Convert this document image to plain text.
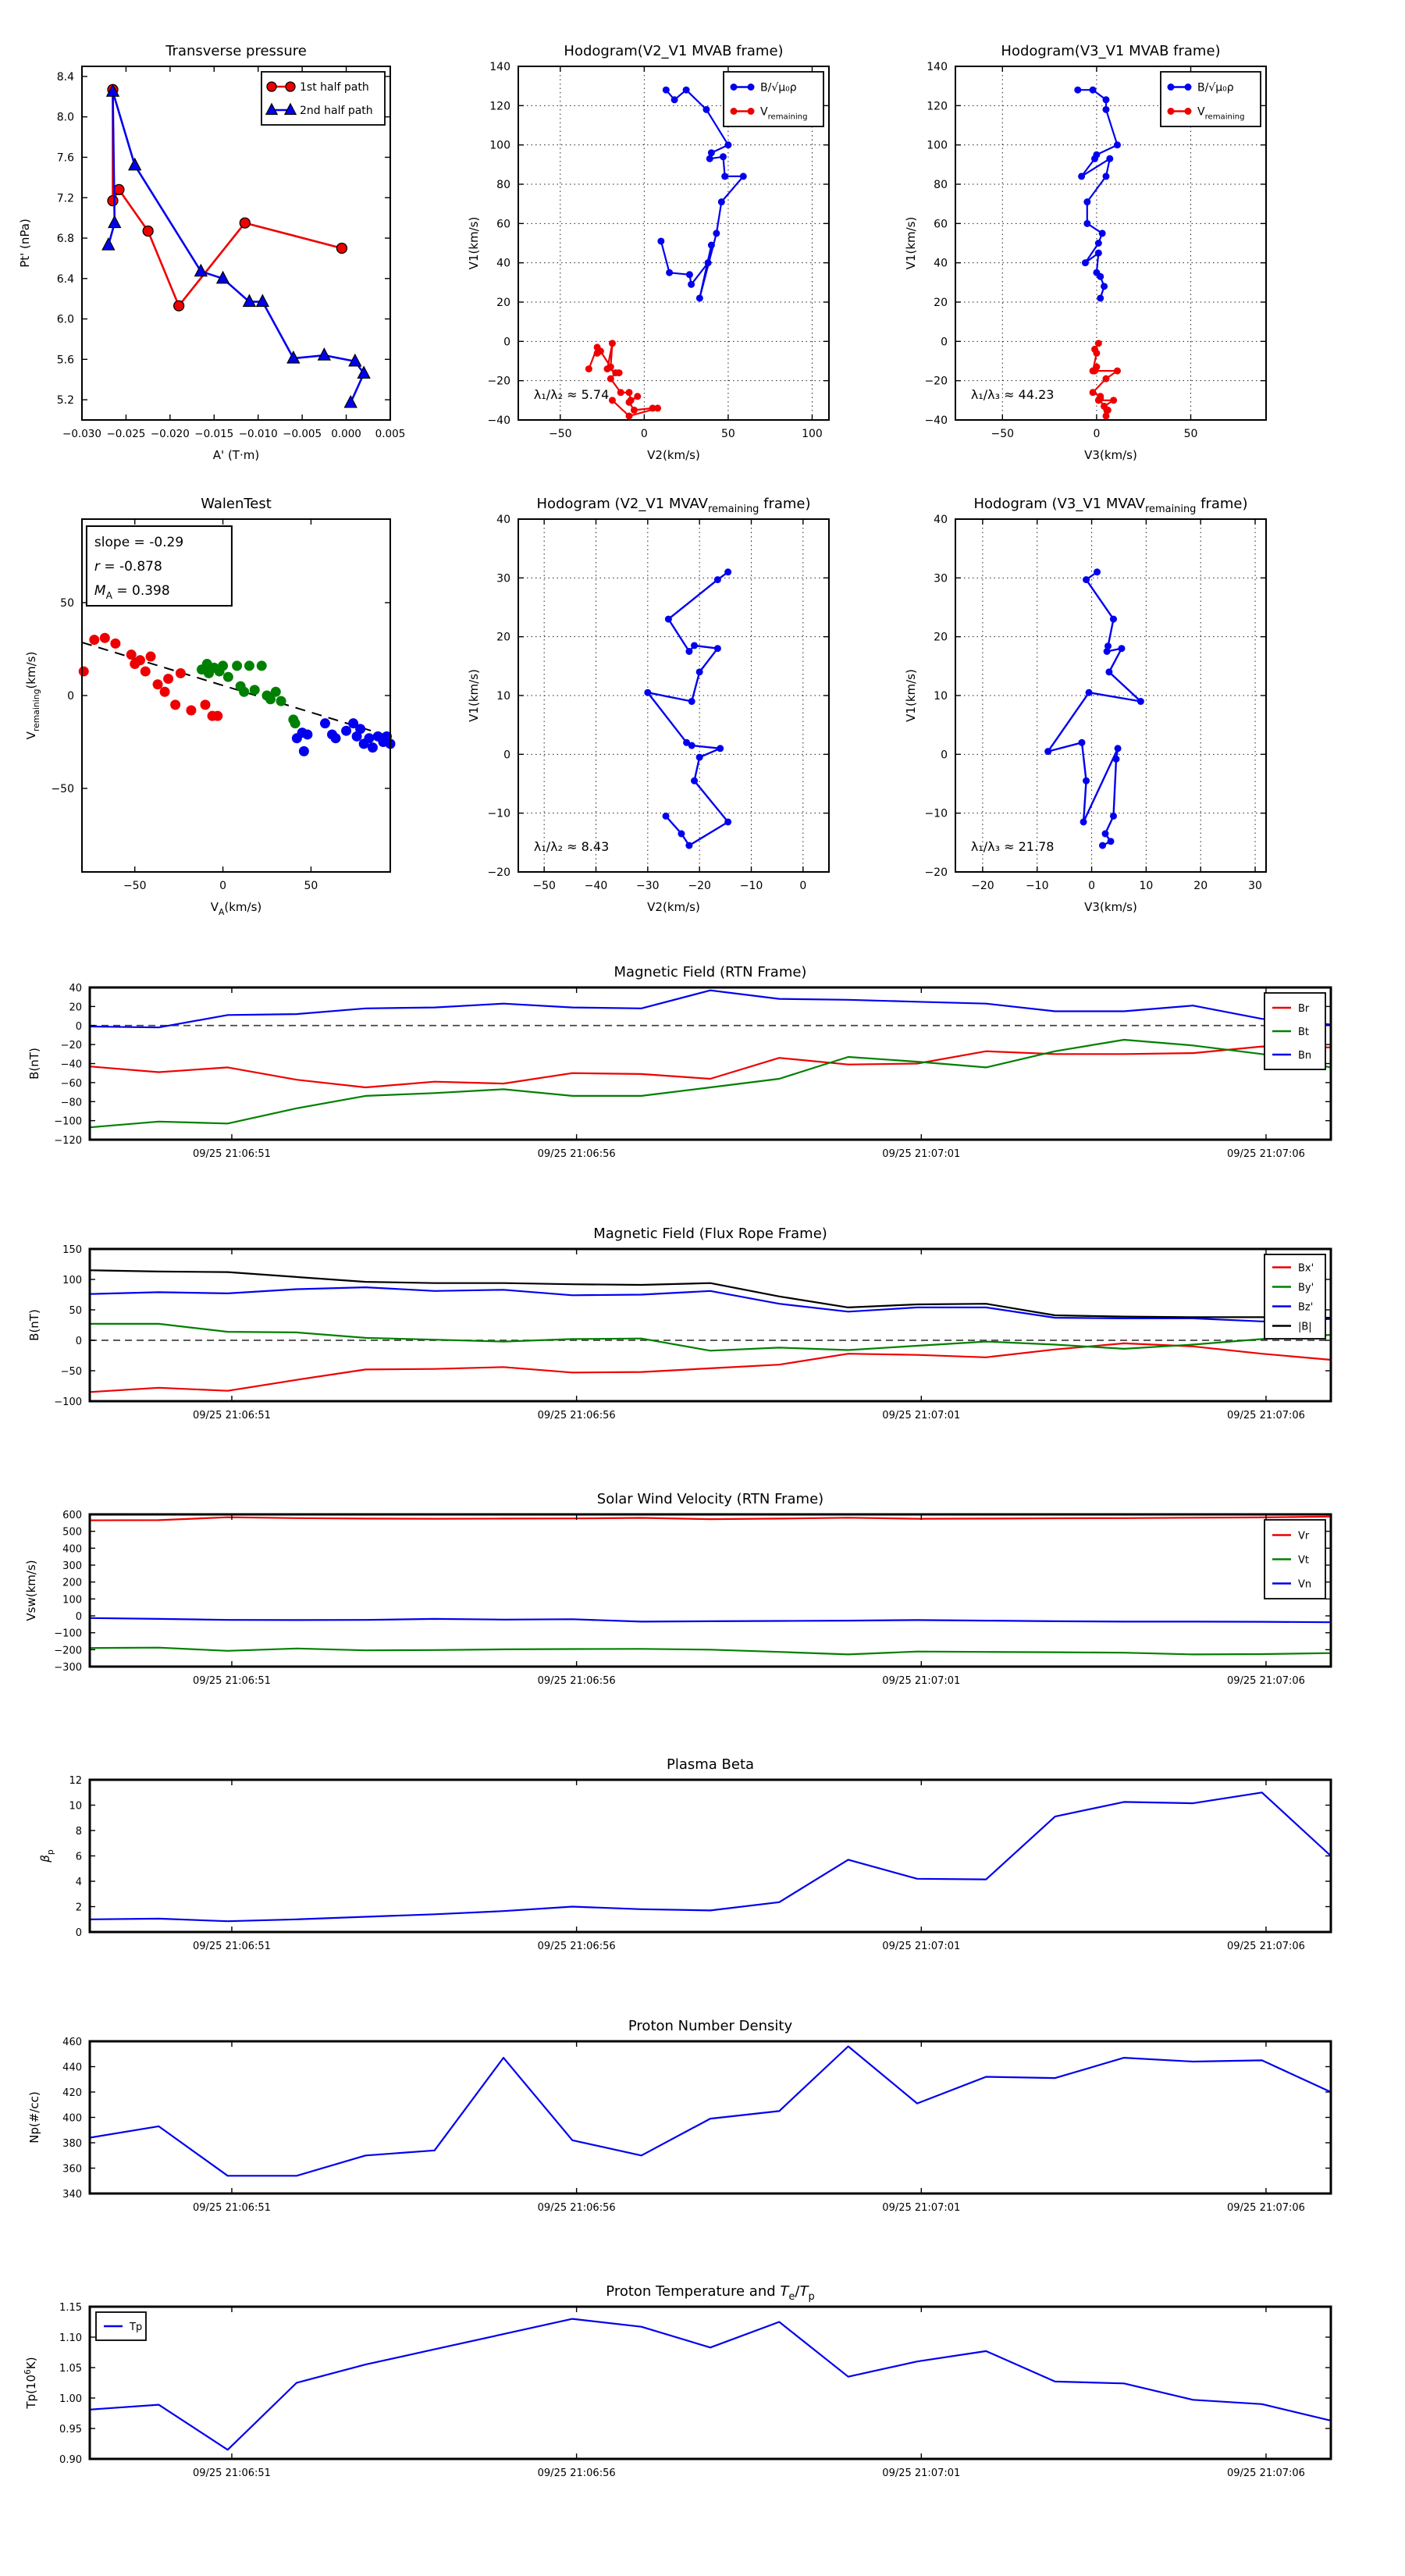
−0.030 −0.025 −0.020 −0.015 −0.010 −0.005 0.000 0.005
5.2
5.6
6.0
6.4
6.8
7.2
7.6
8.0
8.4
Transverse pressure
A' (T·m)
Pt' (nPa)
1st half path
2nd half path
−50	0	50	100
−40
−20
0
20
40
60
80
100
120
140
Hodogram(V2_V1 MVAB frame)
V2(km/s)
V1(km/s)
λ₁/λ₂ ≈ 5.74
B/√μ₀ρ
$V_{remaining}$
−50	0	50
−40
−20
0
20
40
60
80
100
120
140
Hodogram(V3_V1 MVAB frame)
V3(km/s)
V1(km/s)
λ₁/λ₃ ≈ 44.23
B/√μ₀ρ
$V_{remaining}$
−50	0	50
−50
0
50
WalenTest
$V_A(km/s)$
$V_{remaining}(km/s)$
slope = -0.29
r = -0.878
$M_A = 0.398$
−50	−40	−30	−20	−10	0
−20
−10
0
10
20
30
40
Hodogram (V2_V1 $MVAV_{remaining}$ frame)
V2(km/s)
V1(km/s)
λ₁/λ₂ ≈ 8.43
−20	−10	0	10	20	30
−20
−10
0
10
20
30
40
Hodogram (V3_V1 $MVAV_{remaining}$ frame)
V3(km/s)
V1(km/s)
λ₁/λ₃ ≈ 21.78
09/25 21:06:51	09/25 21:06:56	09/25 21:07:01	09/25 21:07:06
−120
−100
−80
−60
−40
−20
0
20
40
Magnetic Field (RTN Frame)
B(nT)
Br
Bt
Bn
09/25 21:06:51	09/25 21:06:56	09/25 21:07:01	09/25 21:07:06
−100
−50
0
50
100
150
Magnetic Field (Flux Rope Frame)
B(nT)
Bx'
By'
Bz'
|B|
09/25 21:06:51	09/25 21:06:56	09/25 21:07:01	09/25 21:07:06
−300
−200
−100
0
100
200
300
400
500
600
Solar Wind Velocity (RTN Frame)
Vsw(km/s)
Vr
Vt
Vn
09/25 21:06:51	09/25 21:06:56	09/25 21:07:01	09/25 21:07:06
0
2
4
6
8
10
12
Plasma Beta
$\beta_p$
09/25 21:06:51	09/25 21:06:56	09/25 21:07:01	09/25 21:07:06
340
360
380
400
420
440
460
Proton Number Density
Np(#/cc)
09/25 21:06:51	09/25 21:06:56	09/25 21:07:01	09/25 21:07:06
0.90
0.95
1.00
1.05
1.10
1.15
Proton Temperature and $T_e/T_p$
$Tp(10^6K)$
Tp
